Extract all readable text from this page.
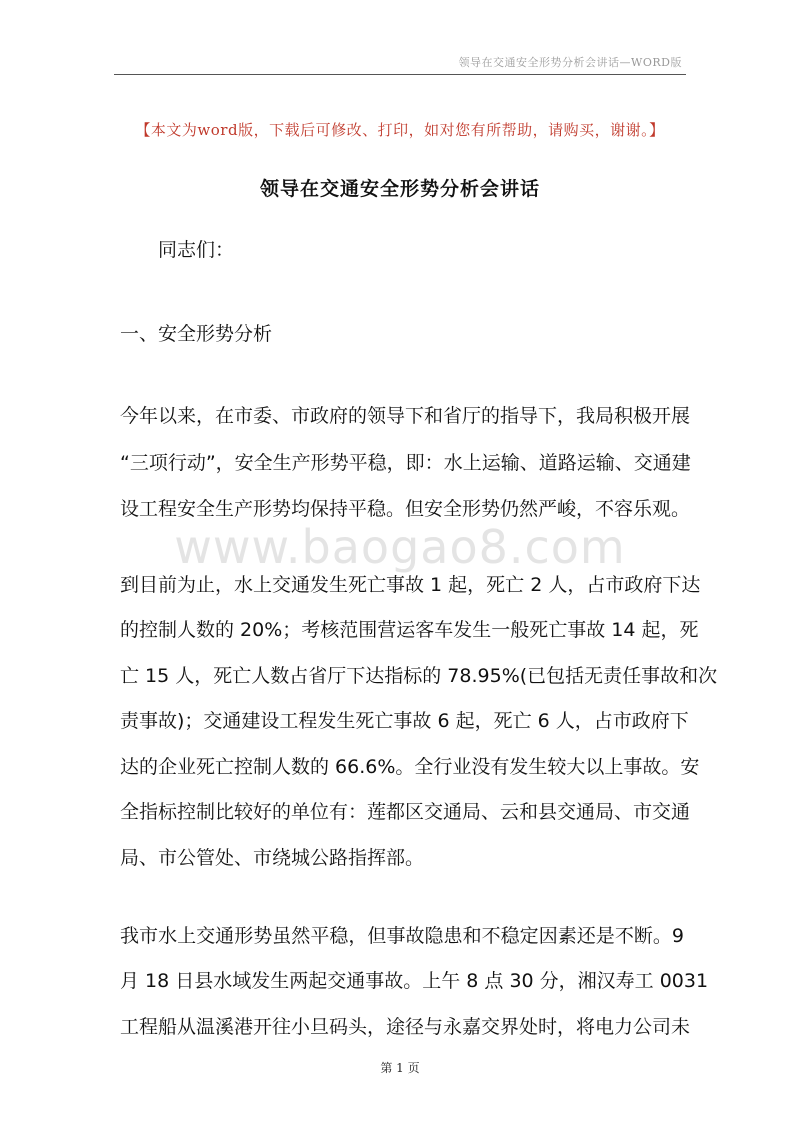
领导在交通安全形势分析会讲话—WORD版
【本文为word版，下载后可修改、打印，如对您有所帮助，请购买，谢谢。】
领导在交通安全形势分析会讲话
同志们：
一、安全形势分析
今年以来，在市委、市政府的领导下和省厅的指导下，我局积极开展
“三项行动”，安全生产形势平稳，即：水上运输、道路运输、交通建
设工程安全生产形势均保持平稳。但安全形势仍然严峻，不容乐观。
www.baogao8.com
到目前为止，水上交通发生死亡事故 1 起，死亡 2 人，占市政府下达
的控制人数的 20%；考核范围营运客车发生一般死亡事故 14 起，死
亡 15 人，死亡人数占省厅下达指标的 78.95%(已包括无责任事故和次
责事故)；交通建设工程发生死亡事故 6 起，死亡 6 人，占市政府下
达的企业死亡控制人数的 66.6%。全行业没有发生较大以上事故。安
全指标控制比较好的单位有：莲都区交通局、云和县交通局、市交通
局、市公管处、市绕城公路指挥部。
我市水上交通形势虽然平稳，但事故隐患和不稳定因素还是不断。9
月 18 日县水域发生两起交通事故。上午 8 点 30 分，湘汉寿工 0031
工程船从温溪港开往小旦码头，途径与永嘉交界处时，将电力公司未
第 1 页
